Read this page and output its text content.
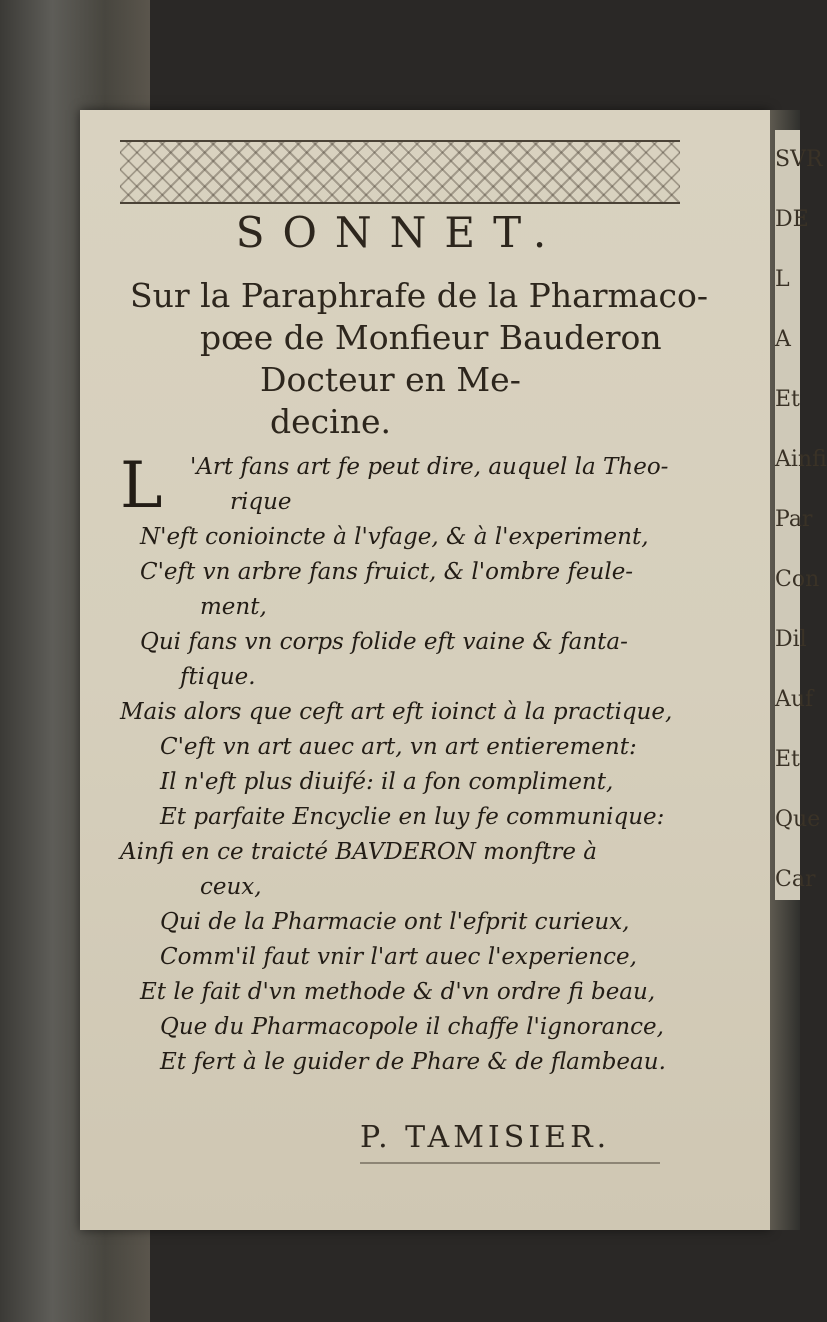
SONNET.
Sur la Paraphrafe de la Pharmaco-
pœe de Monfieur Bauderon
Docteur en Me-
decine.
L	'Art fans art fe peut dire, auquel la Theo-
rique
N'eft conioincte à l'vfage, & à l'experiment,
C'eft vn arbre fans fruict, & l'ombre feule-
ment,
Qui fans vn corps folide eft vaine & fanta-
ftique.
Mais alors que ceft art eft ioinct à la practique,
C'eft vn art auec art, vn art entierement:
Il n'eft plus diuifé: il a fon compliment,
Et parfaite Encyclie en luy fe communique:
Ainfi en ce traicté BAVDERON monftre à
ceux,
Qui de la Pharmacie ont l'efprit curieux,
Comm'il faut vnir l'art auec l'experience,
Et le fait d'vn methode & d'vn ordre fi beau,
Que du Pharmacopole il chaffe l'ignorance,
Et fert à le guider de Phare & de flambeau.
P. TAMISIER.
SVR
DE
L
A
Et
Ainfi
Par
Con
Dil
Auf
Et
Que
Car
